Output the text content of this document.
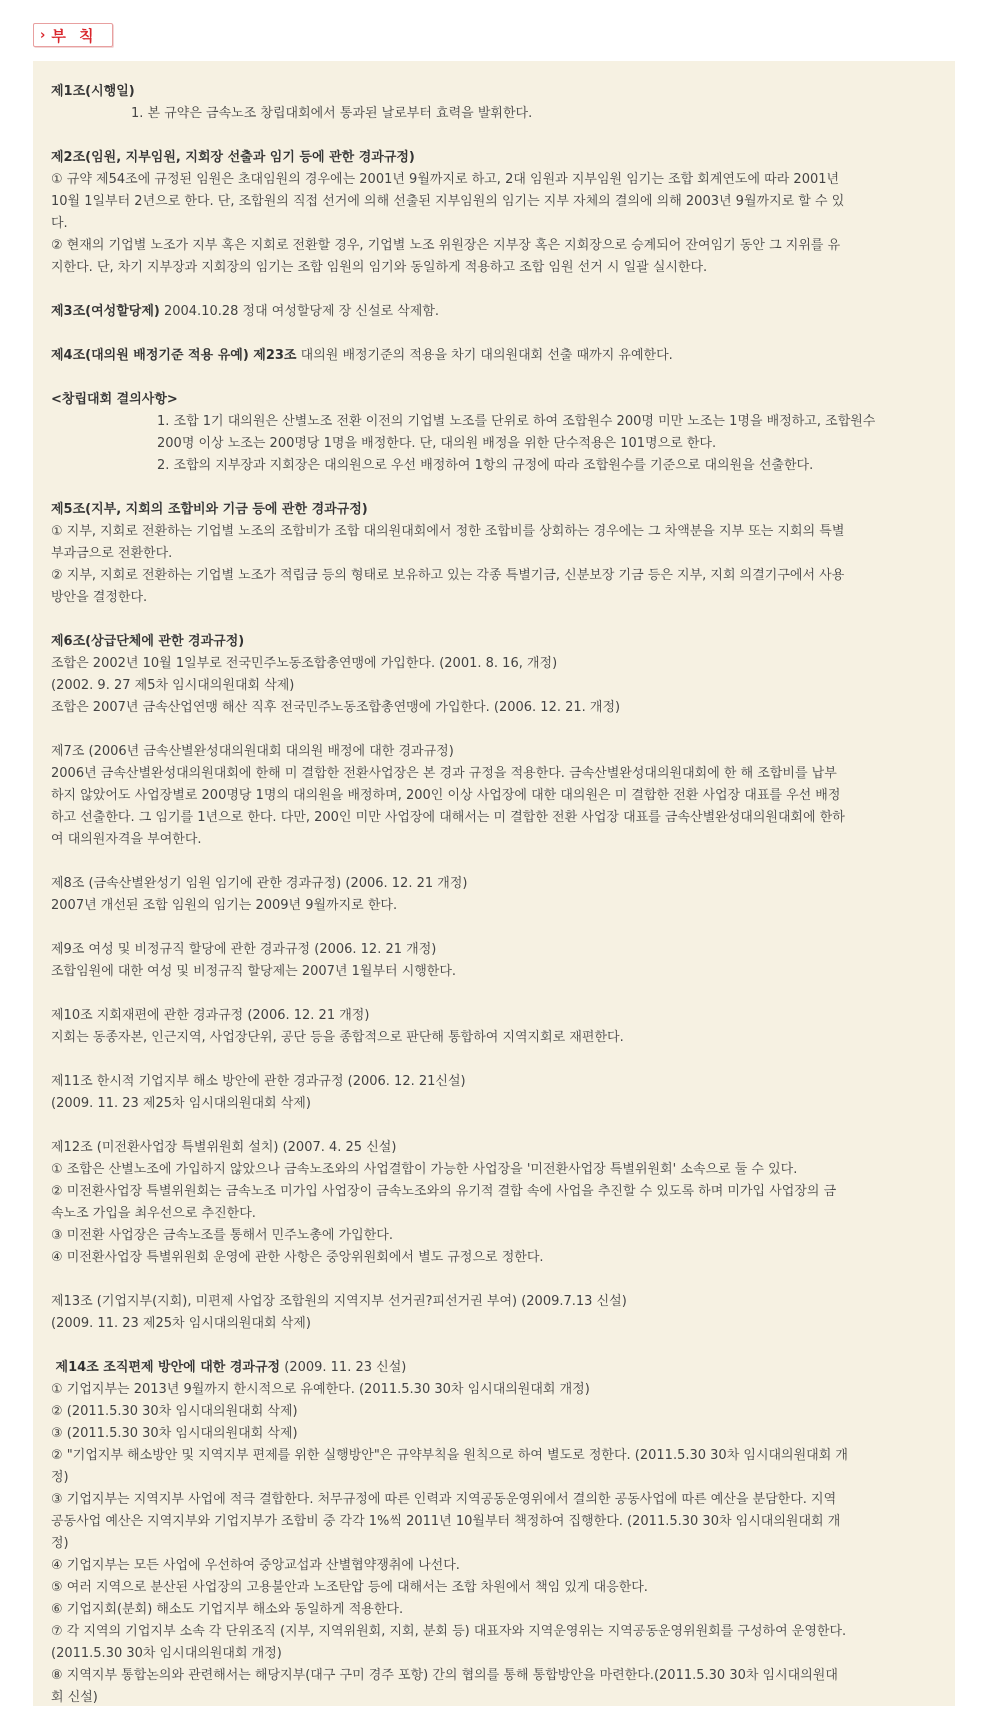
› 부 칙
제1조(시행일)
1. 본 규약은 금속노조 창립대회에서 통과된 날로부터 효력을 발휘한다.
제2조(임원, 지부임원, 지회장 선출과 임기 등에 관한 경과규정)
① 규약 제54조에 규정된 임원은 초대임원의 경우에는 2001년 9월까지로 하고, 2대 임원과 지부임원 임기는 조합 회계연도에 따라 2001년
10월 1일부터 2년으로 한다. 단, 조합원의 직접 선거에 의해 선출된 지부임원의 임기는 지부 자체의 결의에 의해 2003년 9월까지로 할 수 있
다.
② 현재의 기업별 노조가 지부 혹은 지회로 전환할 경우, 기업별 노조 위원장은 지부장 혹은 지회장으로 승계되어 잔여임기 동안 그 지위를 유
지한다. 단, 차기 지부장과 지회장의 임기는 조합 임원의 임기와 동일하게 적용하고 조합 임원 선거 시 일괄 실시한다.
제3조(여성할당제) 2004.10.28 정대 여성할당제 장 신설로 삭제함.
제4조(대의원 배정기준 적용 유예) 제23조 대의원 배정기준의 적용을 차기 대의원대회 선출 때까지 유예한다.
<창립대회 결의사항>
1. 조합 1기 대의원은 산별노조 전환 이전의 기업별 노조를 단위로 하여 조합원수 200명 미만 노조는 1명을 배정하고, 조합원수
200명 이상 노조는 200명당 1명을 배정한다. 단, 대의원 배정을 위한 단수적용은 101명으로 한다.
2. 조합의 지부장과 지회장은 대의원으로 우선 배정하여 1항의 규정에 따라 조합원수를 기준으로 대의원을 선출한다.
제5조(지부, 지회의 조합비와 기금 등에 관한 경과규정)
① 지부, 지회로 전환하는 기업별 노조의 조합비가 조합 대의원대회에서 정한 조합비를 상회하는 경우에는 그 차액분을 지부 또는 지회의 특별
부과금으로 전환한다.
② 지부, 지회로 전환하는 기업별 노조가 적립금 등의 형태로 보유하고 있는 각종 특별기금, 신분보장 기금 등은 지부, 지회 의결기구에서 사용
방안을 결정한다.
제6조(상급단체에 관한 경과규정)
조합은 2002년 10월 1일부로 전국민주노동조합총연맹에 가입한다. (2001. 8. 16, 개정)
(2002. 9. 27 제5차 임시대의원대회 삭제)
조합은 2007년 금속산업연맹 해산 직후 전국민주노동조합총연맹에 가입한다. (2006. 12. 21. 개정)
제7조 (2006년 금속산별완성대의원대회 대의원 배정에 대한 경과규정)
2006년 금속산별완성대의원대회에 한해 미 결합한 전환사업장은 본 경과 규정을 적용한다. 금속산별완성대의원대회에 한 해 조합비를 납부
하지 않았어도 사업장별로 200명당 1명의 대의원을 배정하며, 200인 이상 사업장에 대한 대의원은 미 결합한 전환 사업장 대표를 우선 배정
하고 선출한다. 그 임기를 1년으로 한다. 다만, 200인 미만 사업장에 대해서는 미 결합한 전환 사업장 대표를 금속산별완성대의원대회에 한하
여 대의원자격을 부여한다.
제8조 (금속산별완성기 임원 임기에 관한 경과규정) (2006. 12. 21 개정)
2007년 개선된 조합 임원의 임기는 2009년 9월까지로 한다.
제9조 여성 및 비정규직 할당에 관한 경과규정 (2006. 12. 21 개정)
조합임원에 대한 여성 및 비정규직 할당제는 2007년 1월부터 시행한다.
제10조 지회재편에 관한 경과규정 (2006. 12. 21 개정)
지회는 동종자본, 인근지역, 사업장단위, 공단 등을 종합적으로 판단해 통합하여 지역지회로 재편한다.
제11조 한시적 기업지부 해소 방안에 관한 경과규정 (2006. 12. 21신설)
(2009. 11. 23 제25차 임시대의원대회 삭제)
제12조 (미전환사업장 특별위원회 설치) (2007. 4. 25 신설)
① 조합은 산별노조에 가입하지 않았으나 금속노조와의 사업결합이 가능한 사업장을 '미전환사업장 특별위원회' 소속으로 둘 수 있다.
② 미전환사업장 특별위원회는 금속노조 미가입 사업장이 금속노조와의 유기적 결합 속에 사업을 추진할 수 있도록 하며 미가입 사업장의 금
속노조 가입을 최우선으로 추진한다.
③ 미전환 사업장은 금속노조를 통해서 민주노총에 가입한다.
④ 미전환사업장 특별위원회 운영에 관한 사항은 중앙위원회에서 별도 규정으로 정한다.
제13조 (기업지부(지회), 미편제 사업장 조합원의 지역지부 선거권?피선거권 부여) (2009.7.13 신설)
(2009. 11. 23 제25차 임시대의원대회 삭제)
제14조 조직편제 방안에 대한 경과규정 (2009. 11. 23 신설)
① 기업지부는 2013년 9월까지 한시적으로 유예한다. (2011.5.30 30차 임시대의원대회 개정)
② (2011.5.30 30차 임시대의원대회 삭제)
③ (2011.5.30 30차 임시대의원대회 삭제)
② "기업지부 해소방안 및 지역지부 편제를 위한 실행방안"은 규약부칙을 원칙으로 하여 별도로 정한다. (2011.5.30 30차 임시대의원대회 개
정)
③ 기업지부는 지역지부 사업에 적극 결합한다. 처무규정에 따른 인력과 지역공동운영위에서 결의한 공동사업에 따른 예산을 분담한다. 지역
공동사업 예산은 지역지부와 기업지부가 조합비 중 각각 1%씩 2011년 10월부터 책정하여 집행한다. (2011.5.30 30차 임시대의원대회 개
정)
④ 기업지부는 모든 사업에 우선하여 중앙교섭과 산별협약쟁취에 나선다.
⑤ 여러 지역으로 분산된 사업장의 고용불안과 노조탄압 등에 대해서는 조합 차원에서 책임 있게 대응한다.
⑥ 기업지회(분회) 해소도 기업지부 해소와 동일하게 적용한다.
⑦ 각 지역의 기업지부 소속 각 단위조직 (지부, 지역위원회, 지회, 분회 등) 대표자와 지역운영위는 지역공동운영위원회를 구성하여 운영한다.
(2011.5.30 30차 임시대의원대회 개정)
⑧ 지역지부 통합논의와 관련해서는 해당지부(대구 구미 경주 포항) 간의 협의를 통해 통합방안을 마련한다.(2011.5.30 30차 임시대의원대
회 신설)
